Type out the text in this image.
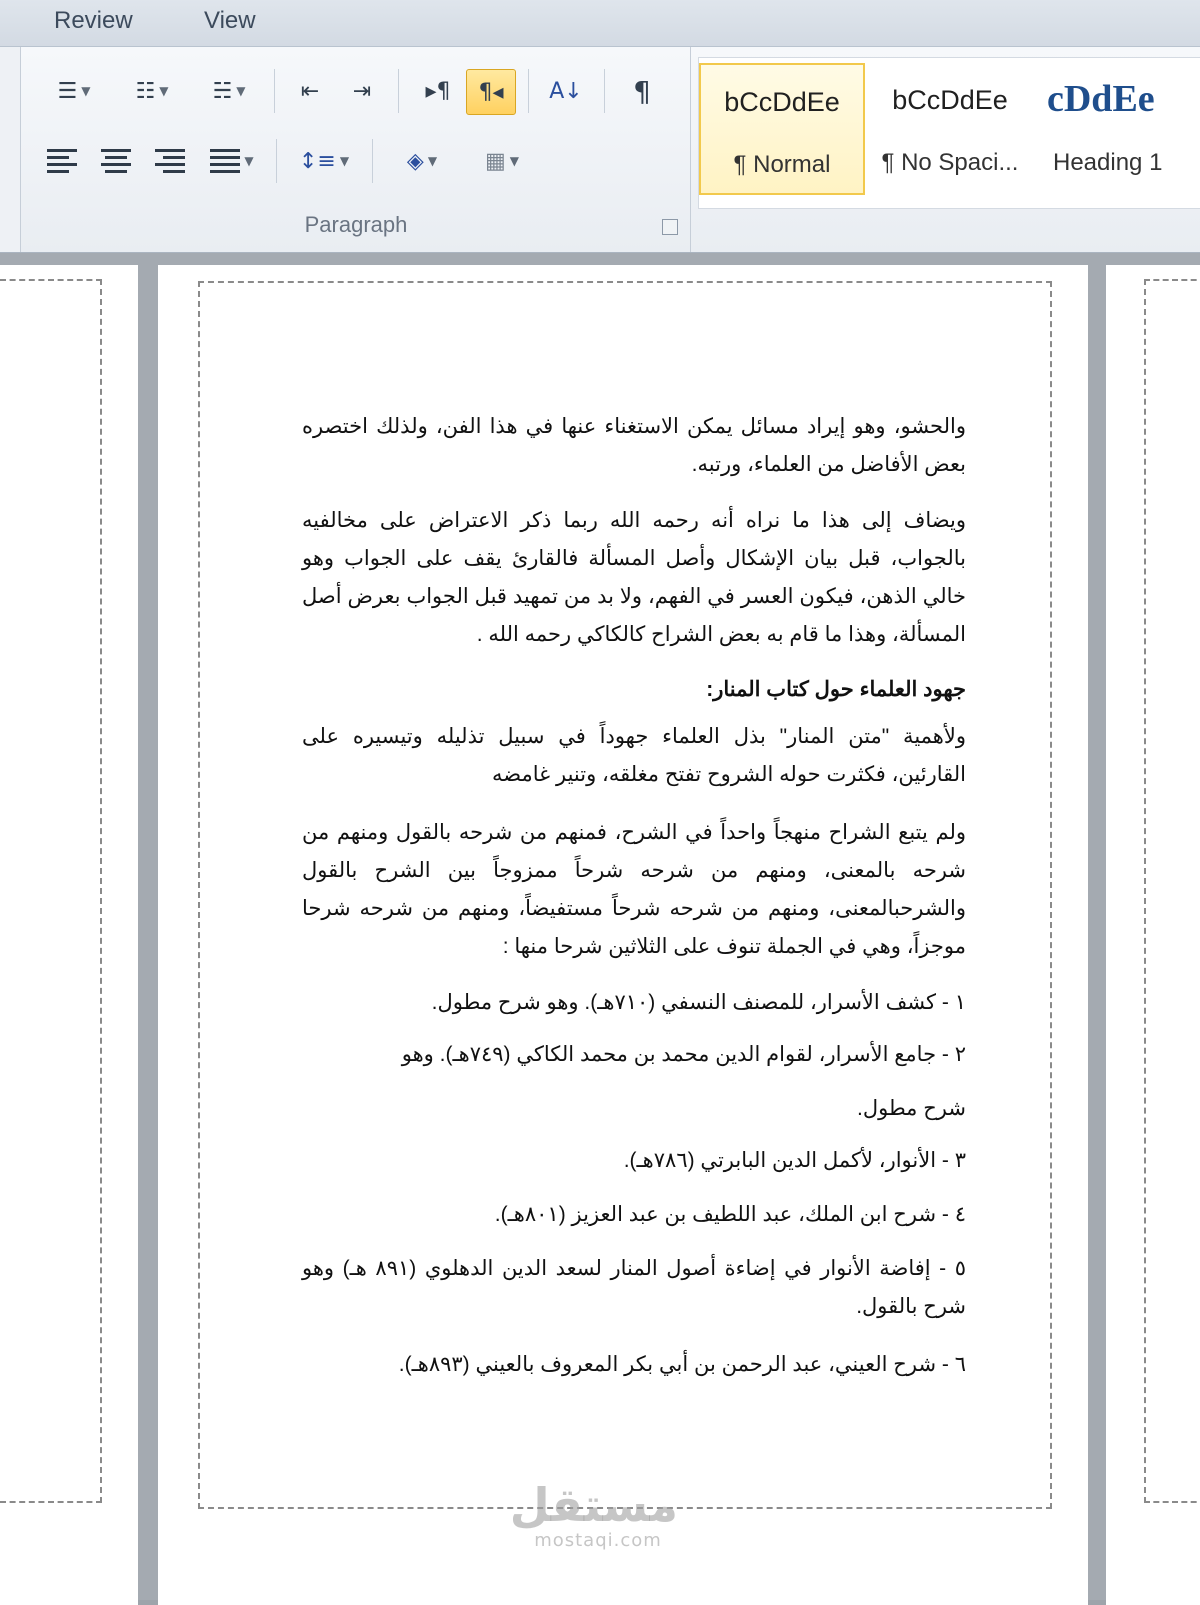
Review	View
☰ ▼ ☷ ▼ ☵ ▼	⇤ ⇥ ▸¶ ¶◂ A↓ ¶
▼ ↕≡ ▼	◈ ▼ ▦ ▼
Paragraph
bCcDdEe
¶ Normal
bCcDdEe
¶ No Spaci...
cDdEe
Heading 1
والحشو، وهو إيراد مسائل يمكن الاستغناء عنها في هذا الفن، ولذلك اختصره بعض الأفاضل من العلماء، ورتبه.
ويضاف إلى هذا ما نراه أنه رحمه الله ربما ذكر الاعتراض على مخالفيه بالجواب، قبل بيان الإشكال وأصل المسألة فالقارئ يقف على الجواب وهو خالي الذهن، فيكون العسر في الفهم، ولا بد من تمهيد قبل الجواب بعرض أصل المسألة، وهذا ما قام به بعض الشراح كالكاكي رحمه الله .
جهود العلماء حول كتاب المنار:
ولأهمية "متن المنار" بذل العلماء جهوداً في سبيل تذليله وتيسيره على القارئين، فكثرت حوله الشروح تفتح مغلقه، وتنير غامضه
ولم يتبع الشراح منهجاً واحداً في الشرح، فمنهم من شرحه بالقول ومنهم من شرحه بالمعنى، ومنهم من شرحه شرحاً ممزوجاً بين الشرح بالقول والشرحبالمعنى، ومنهم من شرحه شرحاً مستفيضاً، ومنهم من شرحه شرحا موجزاً، وهي في الجملة تنوف على الثلاثين شرحا منها :
١ - كشف الأسرار، للمصنف النسفي (٧١٠هـ). وهو شرح مطول.
٢ - جامع الأسرار، لقوام الدين محمد بن محمد الكاكي (٧٤٩هـ). وهو
شرح مطول.
٣ - الأنوار، لأكمل الدين البابرتي (٧٨٦هـ).
٤ - شرح ابن الملك، عبد اللطيف بن عبد العزيز (٨٠١هـ).
٥ - إفاضة الأنوار في إضاءة أصول المنار لسعد الدين الدهلوي (٨٩١ هـ) وهو شرح بالقول.
٦ - شرح العيني، عبد الرحمن بن أبي بكر المعروف بالعيني (٨٩٣هـ).
مستقل
mostaqi.com
